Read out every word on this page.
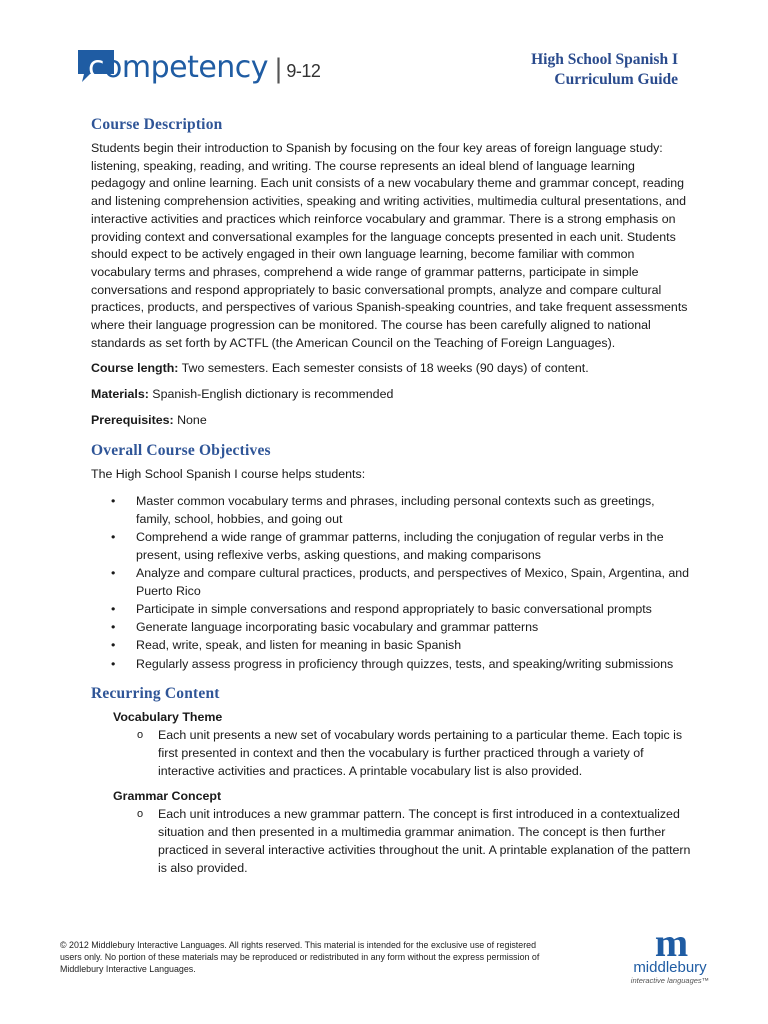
competency | 9-12
High School Spanish I
Curriculum Guide
Course Description

Students begin their introduction to Spanish by focusing on the four key areas of foreign language study: listening, speaking, reading, and writing. The course represents an ideal blend of language learning pedagogy and online learning. Each unit consists of a new vocabulary theme and grammar concept, reading and listening comprehension activities, speaking and writing activities, multimedia cultural presentations, and interactive activities and practices which reinforce vocabulary and grammar. There is a strong emphasis on providing context and conversational examples for the language concepts presented in each unit. Students should expect to be actively engaged in their own language learning, become familiar with common vocabulary terms and phrases, comprehend a wide range of grammar patterns, participate in simple conversations and respond appropriately to basic conversational prompts, analyze and compare cultural practices, products, and perspectives of various Spanish-speaking countries, and take frequent assessments where their language progression can be monitored. The course has been carefully aligned to national standards as set forth by ACTFL (the American Council on the Teaching of Foreign Languages).

Course length: Two semesters. Each semester consists of 18 weeks (90 days) of content.

Materials: Spanish-English dictionary is recommended

Prerequisites: None

Overall Course Objectives

The High School Spanish I course helps students:

• Master common vocabulary terms and phrases, including personal contexts such as greetings, family, school, hobbies, and going out
• Comprehend a wide range of grammar patterns, including the conjugation of regular verbs in the present, using reflexive verbs, asking questions, and making comparisons
• Analyze and compare cultural practices, products, and perspectives of Mexico, Spain, Argentina, and Puerto Rico
• Participate in simple conversations and respond appropriately to basic conversational prompts
• Generate language incorporating basic vocabulary and grammar patterns
• Read, write, speak, and listen for meaning in basic Spanish
• Regularly assess progress in proficiency through quizzes, tests, and speaking/writing submissions
Recurring Content
Vocabulary Theme
o Each unit presents a new set of vocabulary words pertaining to a particular theme. Each topic is first presented in context and then the vocabulary is further practiced through a variety of interactive activities and practices. A printable vocabulary list is also provided.
Grammar Concept
o Each unit introduces a new grammar pattern. The concept is first introduced in a contextualized situation and then presented in a multimedia grammar animation. The concept is then further practiced in several interactive activities throughout the unit. A printable explanation of the pattern is also provided.
© 2012 Middlebury Interactive Languages. All rights reserved. This material is intended for the exclusive use of registered users only. No portion of these materials may be reproduced or redistributed in any form without the express permission of Middlebury Interactive Languages.
m
middlebury
interactive languages™
